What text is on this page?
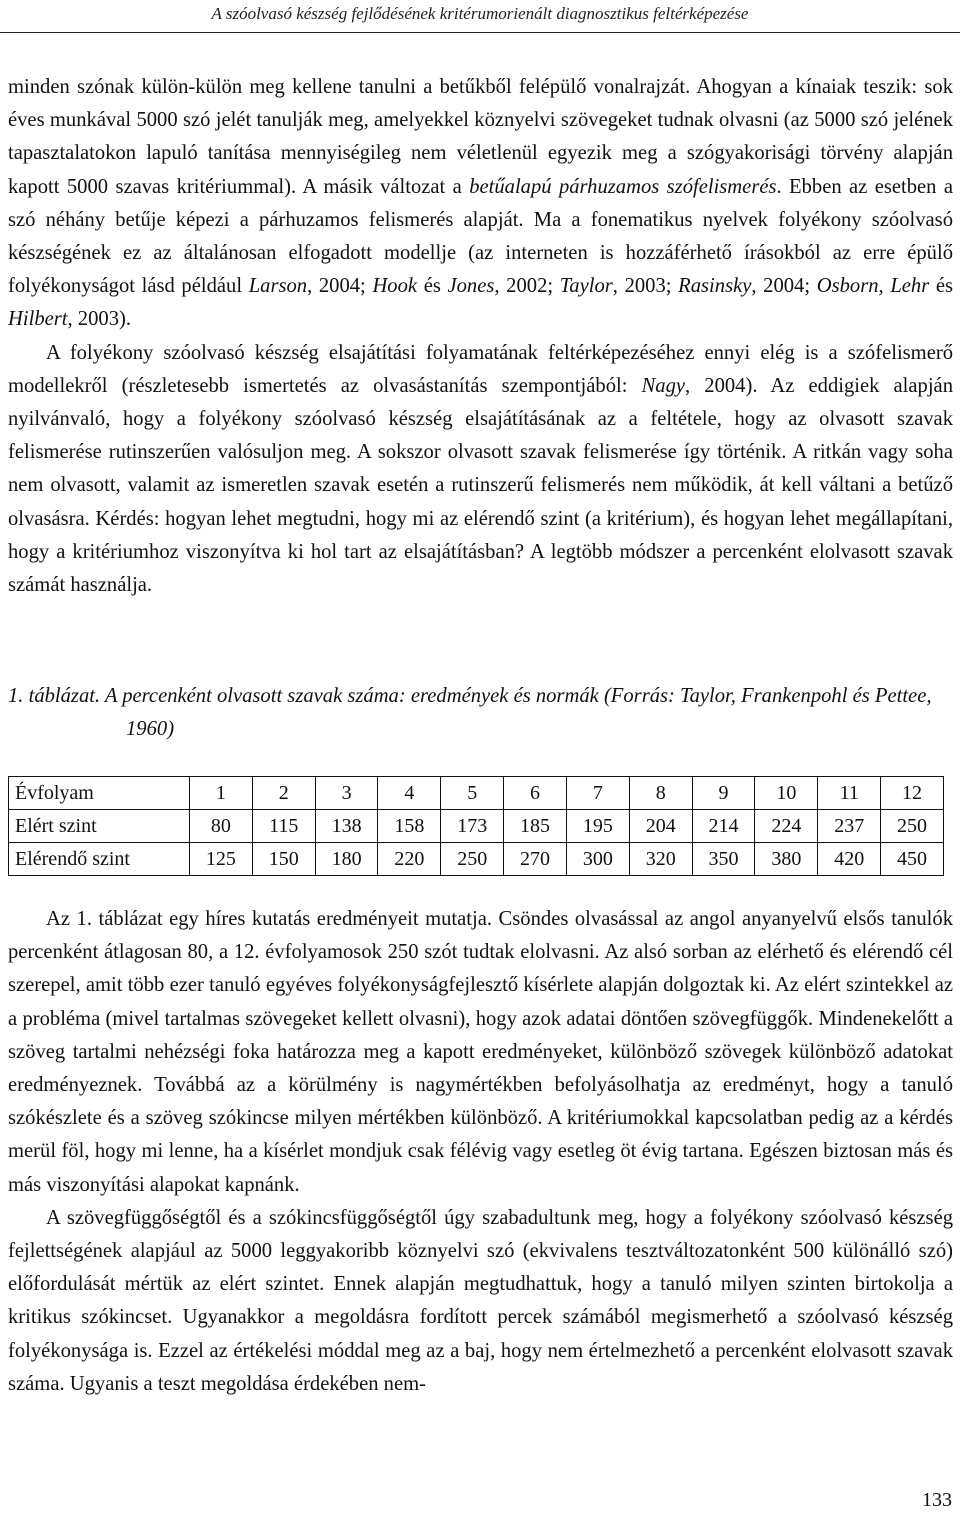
A szóolvasó készség fejlődésének kritérumorienált diagnosztikus feltérképezése

minden szónak külön-külön meg kellene tanulni a betűkből felépülő vonalrajzát. Ahogyan a kínaiak teszik: sok éves munkával 5000 szó jelét tanulják meg, amelyekkel köznyelvi szövegeket tudnak olvasni (az 5000 szó jelének tapasztalatokon lapuló tanítása mennyiségileg nem véletlenül egyezik meg a szógyakorisági törvény alapján kapott 5000 szavas kritériummal). A másik változat a betűalapú párhuzamos szófelismerés. Ebben az esetben a szó néhány betűje képezi a párhuzamos felismerés alapját. Ma a fonematikus nyelvek folyékony szóolvasó készségének ez az általánosan elfogadott modellje (az interneten is hozzáférhető írásokból az erre épülő folyékonyságot lásd például Larson, 2004; Hook és Jones, 2002; Taylor, 2003; Rasinsky, 2004; Osborn, Lehr és Hilbert, 2003).

A folyékony szóolvasó készség elsajátítási folyamatának feltérképezéséhez ennyi elég is a szófelismerő modellekről (részletesebb ismertetés az olvasástanítás szempontjából: Nagy, 2004). Az eddigiek alapján nyilvánvaló, hogy a folyékony szóolvasó készség elsajátításának az a feltétele, hogy az olvasott szavak felismerése rutinszerűen valósuljon meg. A sokszor olvasott szavak felismerése így történik. A ritkán vagy soha nem olvasott, valamit az ismeretlen szavak esetén a rutinszerű felismerés nem működik, át kell váltani a betűző olvasásra. Kérdés: hogyan lehet megtudni, hogy mi az elérendő szint (a kritérium), és hogyan lehet megállapítani, hogy a kritériumhoz viszonyítva ki hol tart az elsajátításban? A legtöbb módszer a percenként elolvasott szavak számát használja.

1. táblázat. A percenként olvasott szavak száma: eredmények és normák (Forrás: Taylor, Frankenpohl és Pettee, 1960)
Évfolyam	1	2	3	4	5	6	7	8	9	10	11	12
Elért szint	80	115	138	158	173	185	195	204	214	224	237	250
Elérendő szint	125	150	180	220	250	270	300	320	350	380	420	450

Az 1. táblázat egy híres kutatás eredményeit mutatja. Csöndes olvasással az angol anyanyelvű elsős tanulók percenként átlagosan 80, a 12. évfolyamosok 250 szót tudtak elolvasni. Az alsó sorban az elérhető és elérendő cél szerepel, amit több ezer tanuló egyéves folyékonyságfejlesztő kísérlete alapján dolgoztak ki. Az elért szintekkel az a probléma (mivel tartalmas szövegeket kellett olvasni), hogy azok adatai döntően szövegfüggők. Mindenekelőtt a szöveg tartalmi nehézségi foka határozza meg a kapott eredményeket, különböző szövegek különböző adatokat eredményeznek. Továbbá az a körülmény is nagymértékben befolyásolhatja az eredményt, hogy a tanuló szókészlete és a szöveg szókincse milyen mértékben különböző. A kritériumokkal kapcsolatban pedig az a kérdés merül föl, hogy mi lenne, ha a kísérlet mondjuk csak félévig vagy esetleg öt évig tartana. Egészen biztosan más és más viszonyítási alapokat kapnánk.

A szövegfüggőségtől és a szókincsfüggőségtől úgy szabadultunk meg, hogy a folyékony szóolvasó készség fejlettségének alapjául az 5000 leggyakoribb köznyelvi szó (ekvivalens tesztváltozatonként 500 különálló szó) előfordulását mértük az elért szintet. Ennek alapján megtudhattuk, hogy a tanuló milyen szinten birtokolja a kritikus szókincset. Ugyanakkor a megoldásra fordított percek számából megismerhető a szóolvasó készség folyékonysága is. Ezzel az értékelési móddal meg az a baj, hogy nem értelmezhető a percenként elolvasott szavak száma. Ugyanis a teszt megoldása érdekében nem-

133
